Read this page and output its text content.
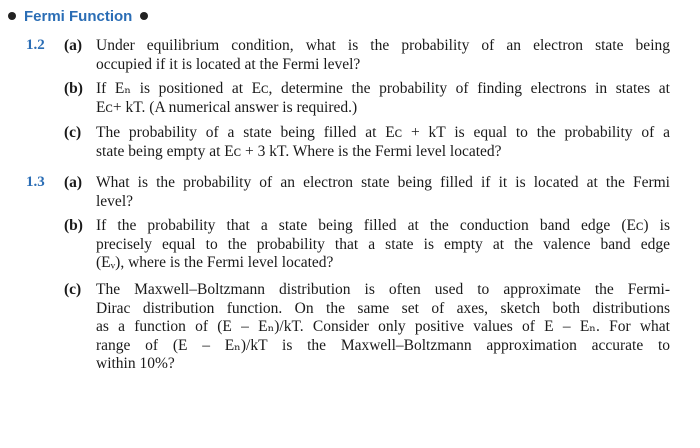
Fermi Function
1.2 (a) Under equilibrium condition, what is the probability of an electron state being
occupied if it is located at the Fermi level?
(b) If Eₙ is positioned at Eᴄ, determine the probability of finding electrons in states at
Eᴄ+ kT. (A numerical answer is required.)
(c) The probability of a state being filled at Eᴄ + kT is equal to the probability of a
state being empty at Eᴄ + 3 kT. Where is the Fermi level located?
1.3 (a) What is the probability of an electron state being filled if it is located at the Fermi
level?
(b) If the probability that a state being filled at the conduction band edge (Eᴄ) is
precisely equal to the probability that a state is empty at the valence band edge
(Eᵥ), where is the Fermi level located?
(c) The Maxwell–Boltzmann distribution is often used to approximate the Fermi-
Dirac distribution function. On the same set of axes, sketch both distributions
as a function of (E – Eₙ)/kT. Consider only positive values of E – Eₙ. For what
range of (E – Eₙ)/kT is the Maxwell–Boltzmann approximation accurate to
within 10%?
